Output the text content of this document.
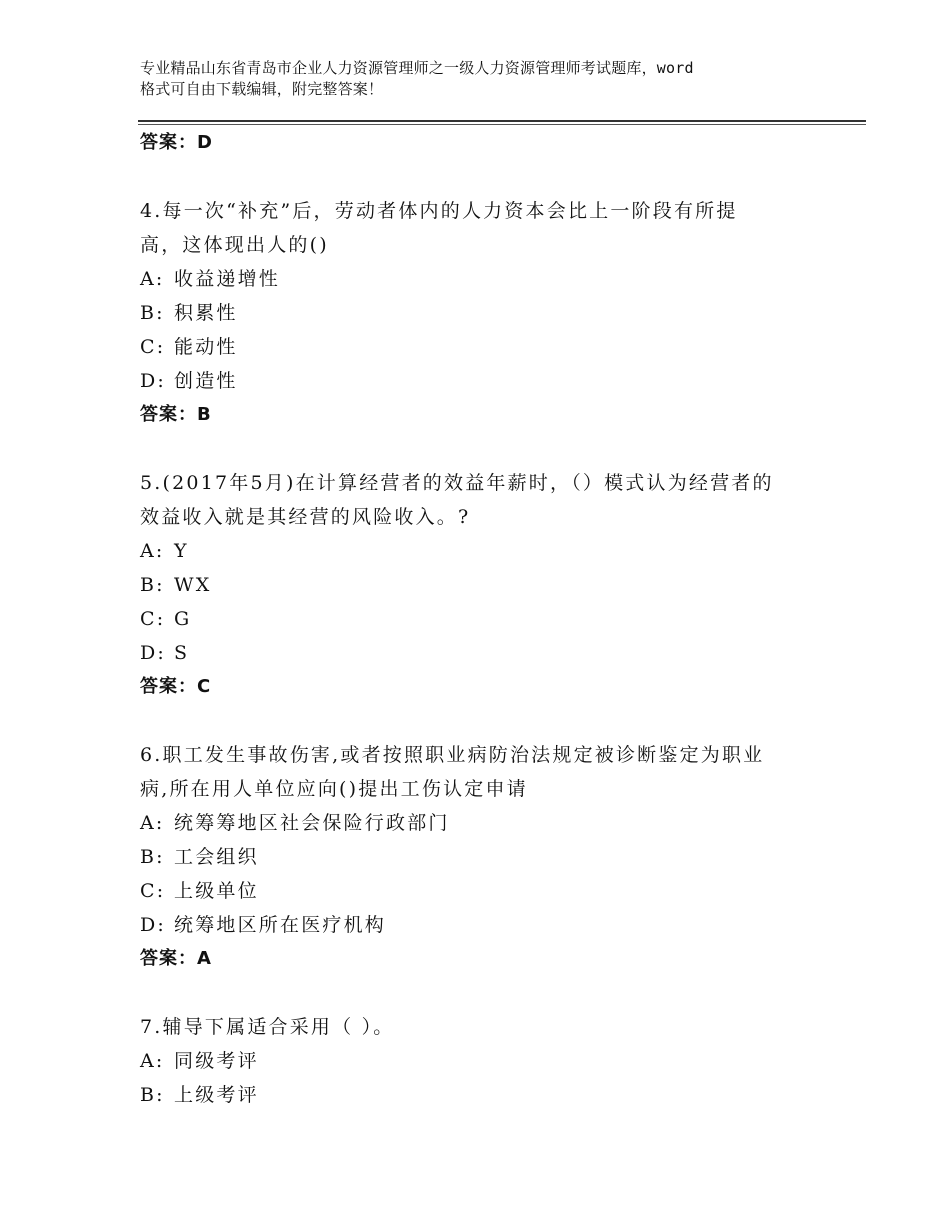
专业精品山东省青岛市企业人力资源管理师之一级人力资源管理师考试题库，word
格式可自由下载编辑，附完整答案！
答案：D
4.每一次“补充”后，劳动者体内的人力资本会比上一阶段有所提
高，这体现出人的()
A: 收益递增性
B: 积累性
C: 能动性
D: 创造性
答案：B
5.(2017年5月)在计算经营者的效益年薪时，（）模式认为经营者的
效益收入就是其经营的风险收入。?
A: Y
B: WX
C: G
D: S
答案：C
6.职工发生事故伤害,或者按照职业病防治法规定被诊断鉴定为职业
病,所在用人单位应向()提出工伤认定申请
A: 统筹筹地区社会保险行政部门
B: 工会组织
C: 上级单位
D: 统筹地区所在医疗机构
答案：A
7.辅导下属适合采用（ ）。
A: 同级考评
B: 上级考评
